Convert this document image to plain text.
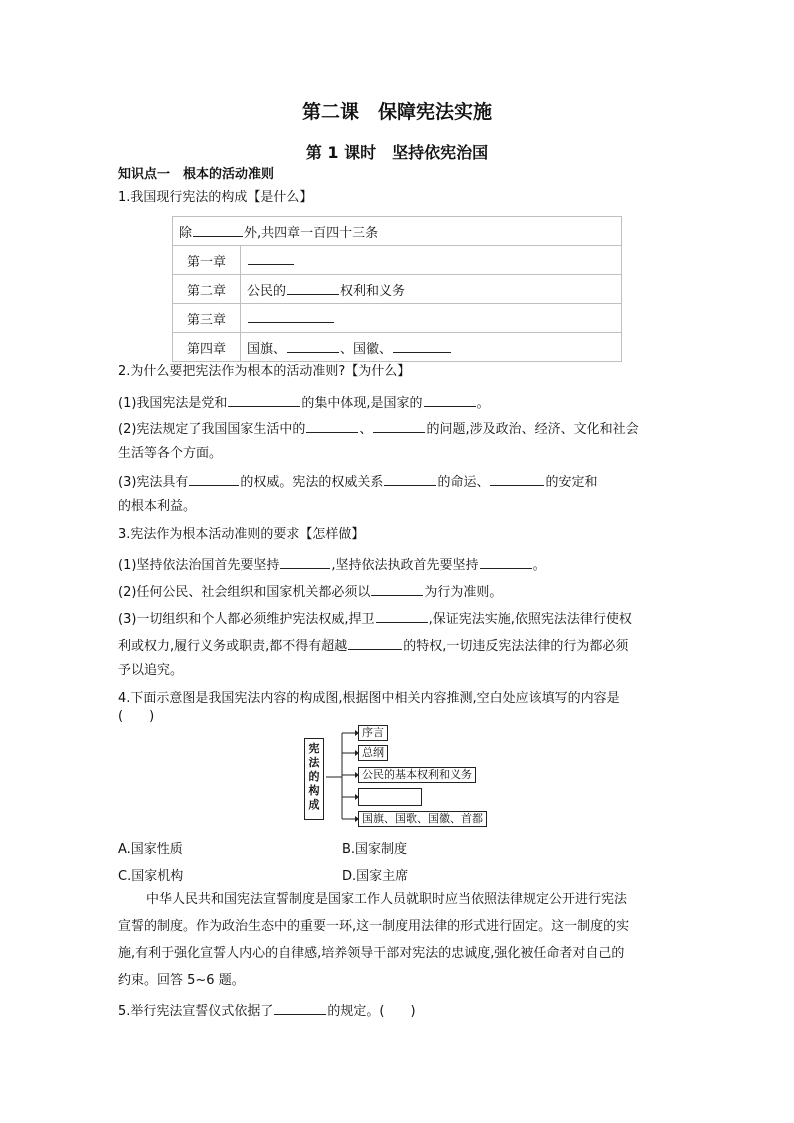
第二课　保障宪法实施
第 1 课时　坚持依宪治国
知识点一　根本的活动准则
1.我国现行宪法的构成【是什么】
除 外,共四章一百四十三条	
第一章	
第二章	公民的 权利和义务
第三章	
第四章	国旗、 、国徽、
2.为什么要把宪法作为根本的活动准则?【为什么】
(1)我国宪法是党和	的集中体现,是国家的	。
(2)宪法规定了我国国家生活中的	、	的问题,涉及政治、经济、文化和社会
生活等各个方面。
(3)宪法具有	的权威。宪法的权威关系	的命运、	的安定和
的根本利益。
3.宪法作为根本活动准则的要求【怎样做】
(1)坚持依法治国首先要坚持	,坚持依法执政首先要坚持	。
(2)任何公民、社会组织和国家机关都必须以	为行为准则。
(3)一切组织和个人都必须维护宪法权威,捍卫	,保证宪法实施,依照宪法法律行使权
利或权力,履行义务或职责,都不得有超越	的特权,一切违反宪法法律的行为都必须
予以追究。
4.下面示意图是我国宪法内容的构成图,根据图中相关内容推测,空白处应该填写的内容是
(　　)
宪
法
的
构
成
序言
总纲
公民的基本权利和义务
国旗、国歌、国徽、首都
A.国家性质	B.国家制度
C.国家机构	D.国家主席
中华人民共和国宪法宣誓制度是国家工作人员就职时应当依照法律规定公开进行宪法
宣誓的制度。作为政治生态中的重要一环,这一制度用法律的形式进行固定。这一制度的实
施,有利于强化宣誓人内心的自律感,培养领导干部对宪法的忠诚度,强化被任命者对自己的
约束。回答 5~6 题。
5.举行宪法宣誓仪式依据了	的规定。(　　)
